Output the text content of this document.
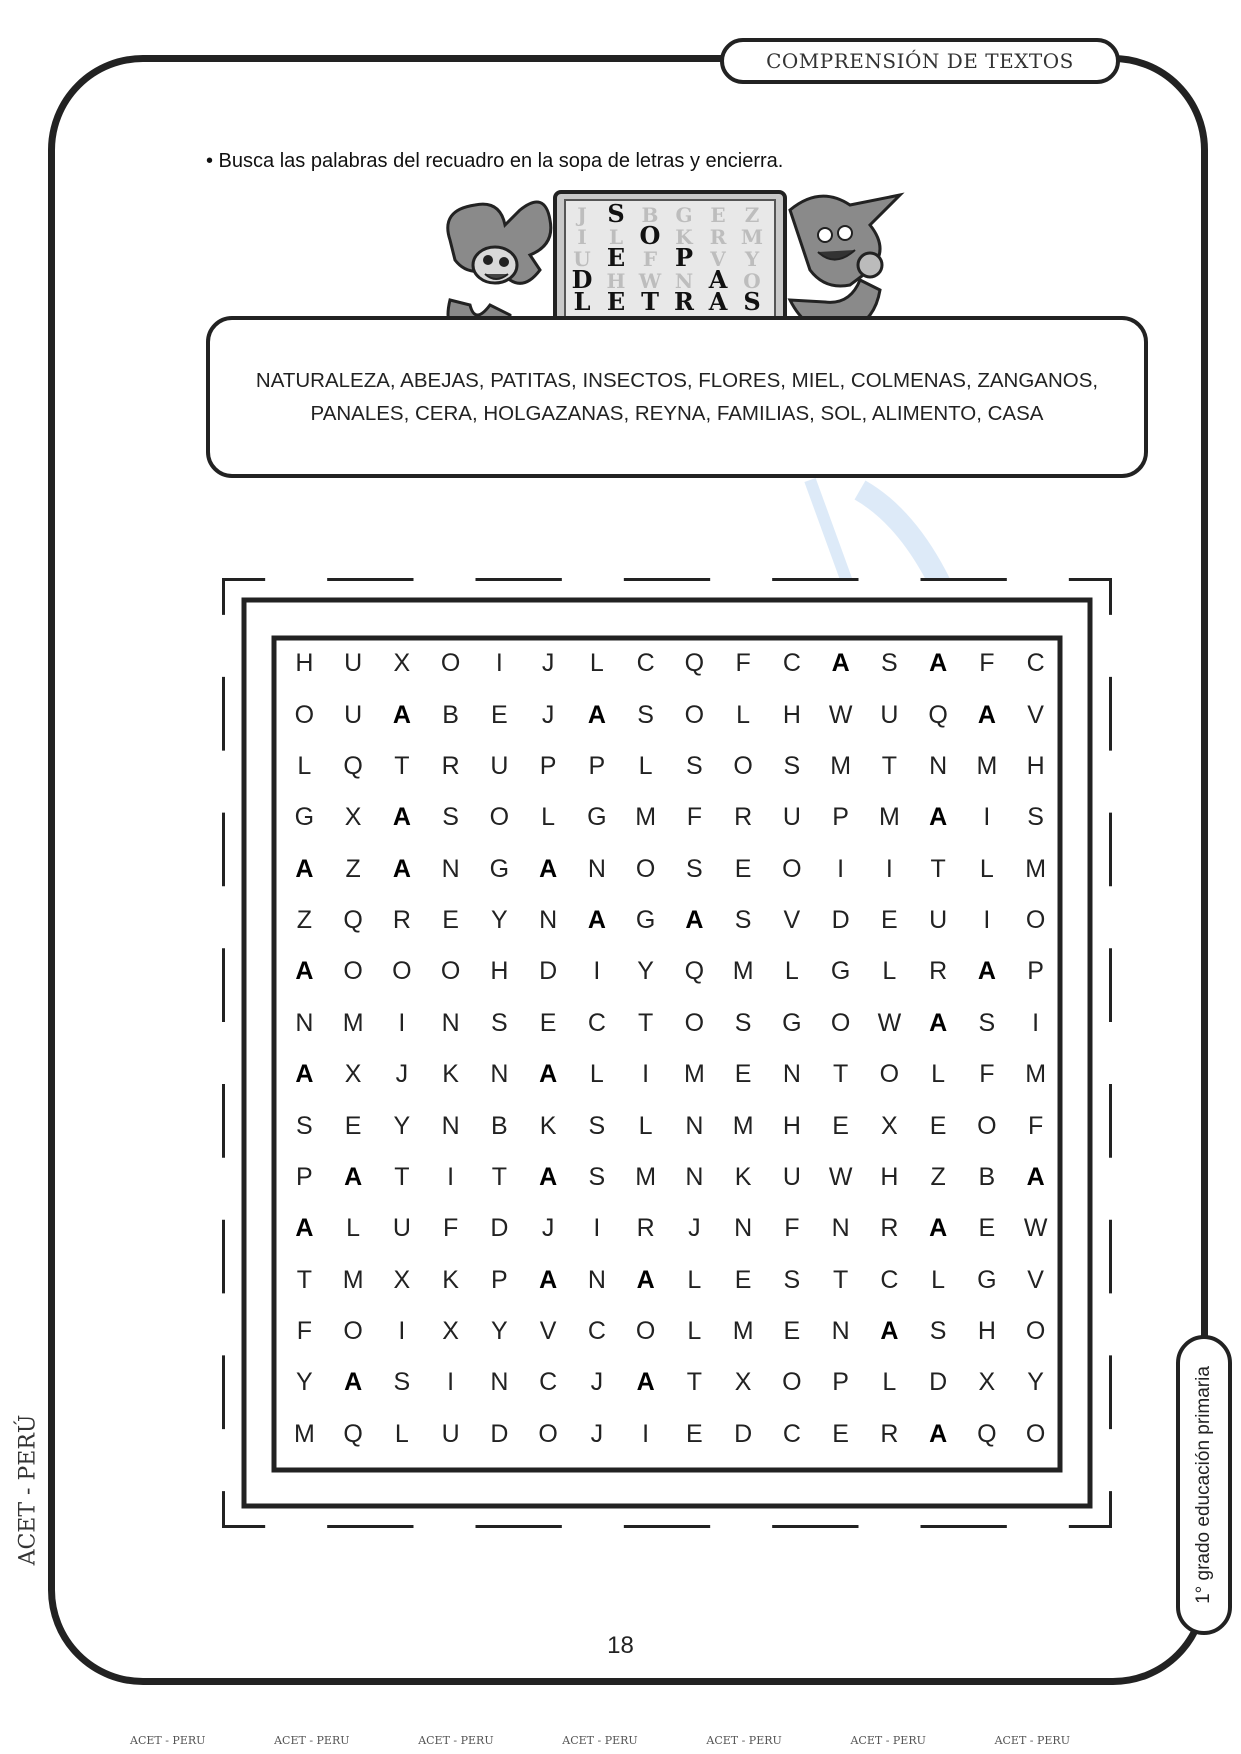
COMPRENSIÓN DE TEXTOS
• Busca las palabras del recuadro en la sopa de letras y encierra.
J S B G E Z
I L O K R M
U E F P V Y
D H W N A O
L E T R A S
NATURALEZA, ABEJAS, PATITAS, INSECTOS, FLORES, MIEL, COLMENAS, ZANGANOS,
PANALES, CERA, HOLGAZANAS, REYNA, FAMILIAS, SOL, ALIMENTO, CASA
H	U	X	O	I	J	L	C	Q	F	C	A	S	A	F	C
O	U	A	B	E	J	A	S	O	L	H	W	U	Q	A	V
L	Q	T	R	U	P	P	L	S	O	S	M	T	N	M	H
G	X	A	S	O	L	G	M	F	R	U	P	M	A	I	S
A	Z	A	N	G	A	N	O	S	E	O	I	I	T	L	M
Z	Q	R	E	Y	N	A	G	A	S	V	D	E	U	I	O
A	O	O	O	H	D	I	Y	Q	M	L	G	L	R	A	P
N	M	I	N	S	E	C	T	O	S	G	O	W	A	S	I
A	X	J	K	N	A	L	I	M	E	N	T	O	L	F	M
S	E	Y	N	B	K	S	L	N	M	H	E	X	E	O	F
P	A	T	I	T	A	S	M	N	K	U	W	H	Z	B	A
A	L	U	F	D	J	I	R	J	N	F	N	R	A	E	W
T	M	X	K	P	A	N	A	L	E	S	T	C	L	G	V
F	O	I	X	Y	V	C	O	L	M	E	N	A	S	H	O
Y	A	S	I	N	C	J	A	T	X	O	P	L	D	X	Y
M	Q	L	U	D	O	J	I	E	D	C	E	R	A	Q	O	1° grado educación primaria
ACET - PERÚ
18
ACET - PERU	ACET - PERU	ACET - PERU	ACET - PERU	ACET - PERU	ACET - PERU	ACET - PERU
